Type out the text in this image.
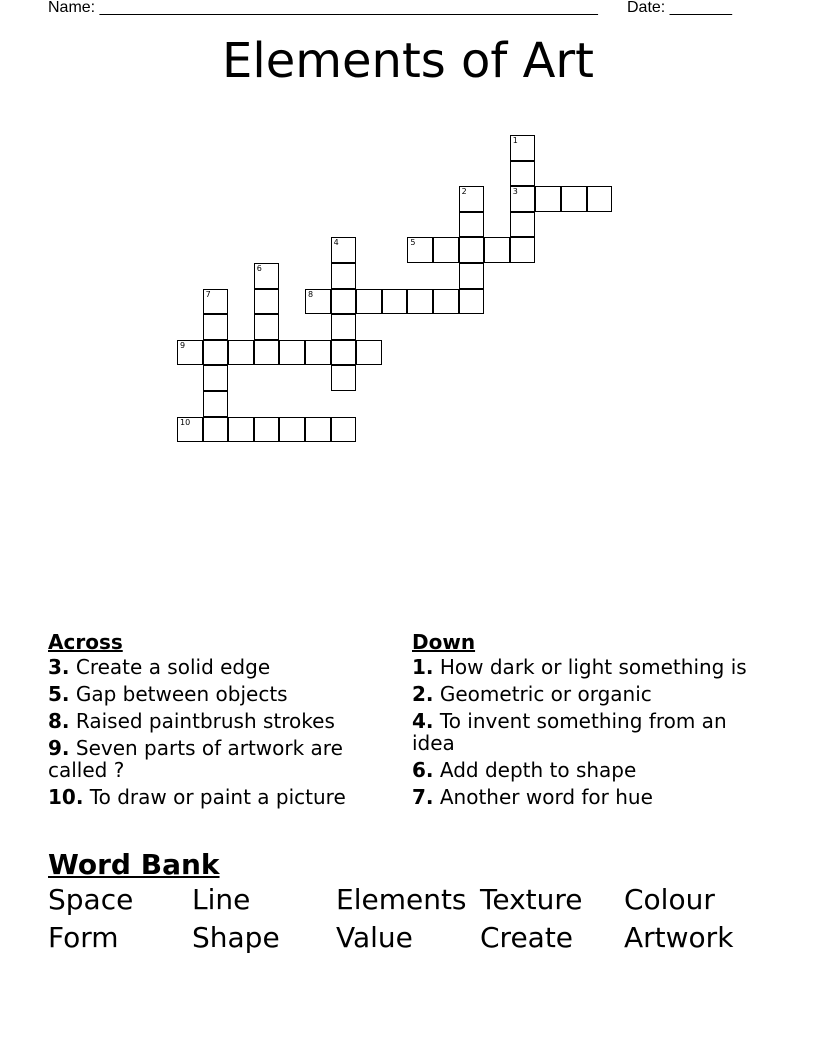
Name: ________________________________________________________ Date: _______
Elements of Art
1
3
2
4	5
6
7	8
9
10
Across
3. Create a solid edge
5. Gap between objects
8. Raised paintbrush strokes
9. Seven parts of artwork are called ?
10. To draw or paint a picture
Down
1. How dark or light something is
2. Geometric or organic
4. To invent something from an idea
6. Add depth to shape
7. Another word for hue
Word Bank
Space Line	Elements Texture Colour
Form	Shape Value Create Artwork
